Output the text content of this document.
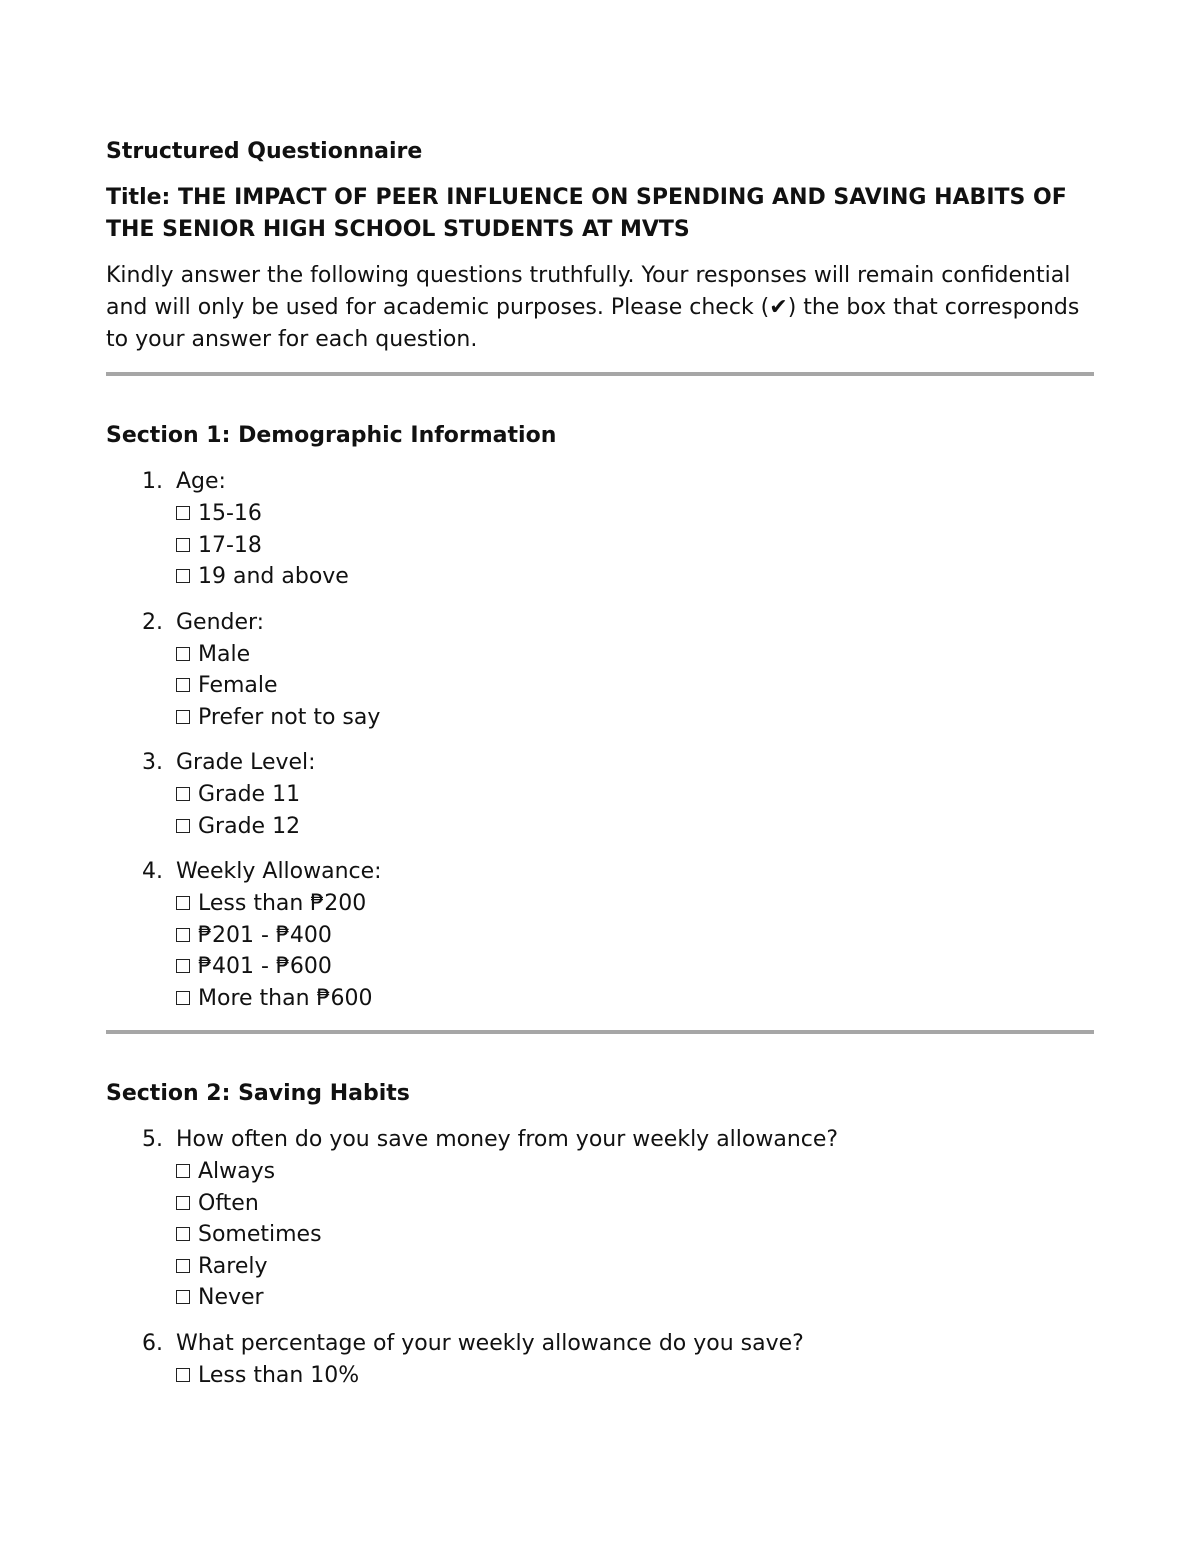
Structured Questionnaire

Title: THE IMPACT OF PEER INFLUENCE ON SPENDING AND SAVING HABITS OF THE SENIOR HIGH SCHOOL STUDENTS AT MVTS

Kindly answer the following questions truthfully. Your responses will remain confidential and will only be used for academic purposes. Please check (✔) the box that corresponds to your answer for each question.

Section 1: Demographic Information

1. Age:
15-16
17-18
19 and above
2. Gender:
Male
Female
Prefer not to say
3. Grade Level:
Grade 11
Grade 12
4. Weekly Allowance:
Less than ₱200
₱201 - ₱400
₱401 - ₱600
More than ₱600

Section 2: Saving Habits

5. How often do you save money from your weekly allowance?
Always
Often
Sometimes
Rarely
Never
6. What percentage of your weekly allowance do you save?
Less than 10%
